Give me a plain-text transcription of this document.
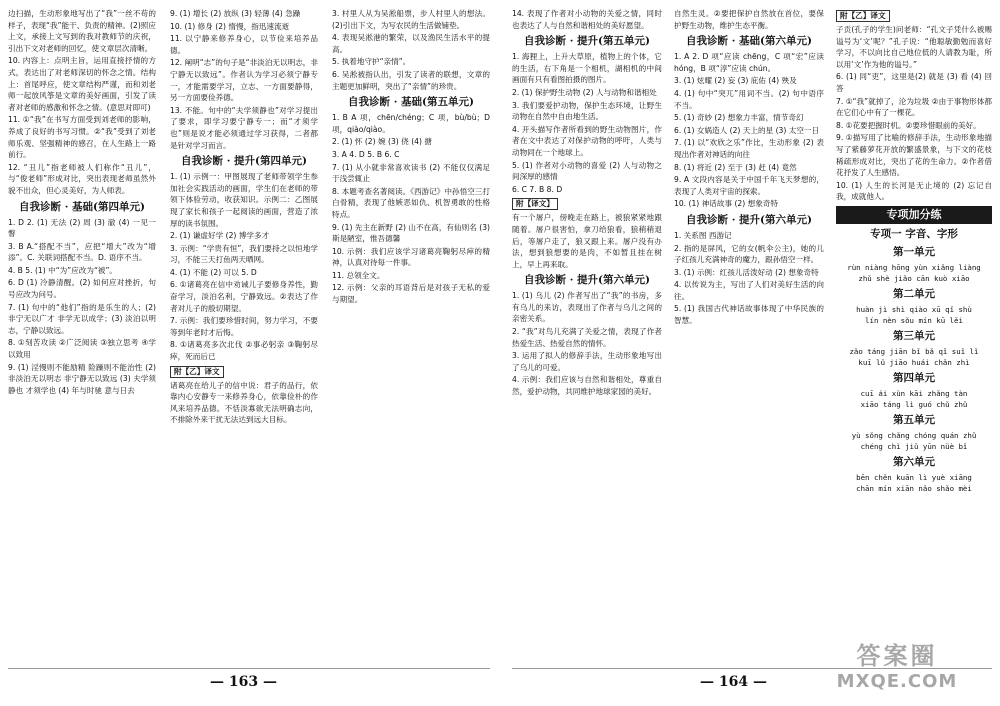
边扫描，生动形象地写出了“我”一丝不苟的样子，表现“我”能干、负责的精神。(2)照应上文，承接上文写到的我对教师节的庆祝，引出下文对老师的回忆，使文章层次清晰。

10. 内容上：点明主旨，运用直接抒情的方式，表达出了对老师深切的怀念之情。结构上：首尾呼应，使文章结构严谨，而和刘老师一起放风筝是文章的美好画面，引发了读者对老师的感激和怀念之情。(意思对即可)

11. ①“我”在书写方面受到刘老师的影响，养成了良好的书写习惯。②“我”受到了刘老师乐观、坚强精神的感召，在人生路上一路前行。

12. “丑儿”指老师被人们称作“丑儿”，与“俊老师”形成对比，突出表现老师虽然外貌不出众，但心灵美好，为人师表。

自我诊断 · 基础(第四单元)

1. D 2. (1) 无法 (2) 周 (3) 澈 (4) 一见一瞥

3. B A.“搭配不当”，应把“增大”改为“增添”。C. 关联词搭配不当。D. 语序不当。

4. B 5. (1) 中“为”应改为“被”。

6. D (1) 冷静清醒。(2) 如何应对挫折，句号应改为问号。

7. (1) 句中的“他们”指的是乐生的人；(2) 非宁无以广才 非学无以成学；(3) 淡泊以明志，宁静以致远。

8. ①刻苦攻读 ②广泛阅读 ③独立思考 ④学以致用

9. (1) 淫慢则不能励精 险躁则不能治性 (2) 非淡泊无以明志 非宁静无以致远 (3) 夫学须静也 才须学也 (4) 年与时驰 意与日去

9. (1) 增长 (2) 放纵 (3) 轻薄 (4) 急躁

10. (1) 修身 (2) 惰慢，指迅速流逝

11. 以宁静来修养身心，以节俭来培养品德。

12. 阐明“志”的句子是“非淡泊无以明志，非宁静无以致远”。作者认为学习必须宁静专一，才能需要学习，立志、一方面要静得，另一方面要俭养德。

13. 不能。句中的“夫学须静也”对学习提出了要求，即学习要宁静专一；而“才须学也”则是说才能必须通过学习获得，二者都是针对学习而言。

自我诊断 · 提升(第四单元)

1. (1) 示例一：甲图展现了老师带领学生参加社会实践活动的画面，学生们在老师的带领下体验劳动，收获知识。示例二：乙图展现了家长和孩子一起阅读的画面，营造了浓厚的读书氛围。

2. (1) 谦虚好学 (2) 博学多才

3. 示例：“学贵有恒”，我们要持之以恒地学习，不能三天打鱼两天晒网。

4. (1) 不能 (2) 可以 5. D

6. ①诸葛亮在信中劝诫儿子要修身养性，勤奋学习，淡泊名利，宁静致远。②表达了作者对儿子的殷切期望。

7. 示例：我们要珍惜时间，努力学习，不要等到年老时才后悔。

8. ①诸葛亮多次北伐 ②事必躬亲 ③鞠躬尽瘁，死而后已

附【乙】译文

诸葛亮在给儿子的信中说：君子的品行，依靠内心安静专一来修养身心，依靠俭朴的作风来培养品德。不恬淡寡欲无法明确志向，不排除外来干扰无法达到远大目标。

3. 村里人从为吴淞船票，步人村里人的想法。(2)引出下文，为写农民的生活做铺垫。

4. 表现吴淞港的繁荣，以及渔民生活水平的提高。

5. 执着地守护“亲情”。

6. 吴淞被指认出，引发了读者的联想，文章的主题更加鲜明，突出了“亲情”的珍贵。

自我诊断 · 基础(第五单元)

1. B A 项，chēn/chéng；C 项，bù/bù；D 项，qiào/qiào。

2. (1) 怀 (2) 婉 (3) 侥 (4) 搪

3. A 4. D 5. B 6. C

7. (1) 从小就非常喜欢读书 (2) 不能仅仅满足于浅尝辄止

8. 本题考查名著阅读。《西游记》中孙悟空三打白骨精，表现了他嫉恶如仇、机智勇敢的性格特点。

9. (1) 先主在新野 (2) 山不在高，有仙则名 (3) 斯是陋室，惟吾德馨

10. 示例：我们应该学习诸葛亮鞠躬尽瘁的精神，认真对待每一件事。

11. 总领全文。

12. 示例：父亲的耳语背后是对孩子无私的爱与期望。

14. 表现了作者对小动物的关爱之情，同时也表达了人与自然和谐相处的美好愿望。

自我诊断 · 提升(第五单元)

1. 海狸上，上升大草原，植物上的个体，它的生活，右下角是一个相机，湖相机的中间画面有只有看图拍摄的图片。

2. (1) 保护野生动物 (2) 人与动物和谐相处

3. 我们要爱护动物，保护生态环境，让野生动物在自然中自由地生活。

4. 开头描写作者所看到的野生动物图片，作者在文中表达了对保护动物的呼吁，人类与动物同在一个地球上。

5. (1) 作者对小动物的喜爱 (2) 人与动物之间深厚的感情

6. C 7. B 8. D

附【译文】

有一个屠户，傍晚走在路上，被狼紧紧地跟随着。屠户很害怕，拿刀给狼看，狼稍稍退后，等屠户走了，狼又跟上来。屠户没有办法，想到狼想要的是肉，不如暂且挂在树上，早上再来取。

自我诊断 · 提升(第六单元)

1. (1) 乌儿 (2) 作者写出了“我”的书房，多有乌儿的来访，表现出了作者与乌儿之间的亲密关系。

2. “我”对鸟儿充满了关爱之情，表现了作者热爱生活、热爱自然的情怀。

3. 运用了拟人的修辞手法，生动形象地写出了乌儿的可爱。

4. 示例：我们应该与自然和谐相处，尊重自然，爱护动物，共同维护地球家园的美好。

自然生灵。②要把保护自然放在首位，要保护野生动物，维护生态平衡。

自我诊断 · 基础(第六单元)

1. A 2. D 项“应读 chēng，C 项“宏”应读 hóng，B 项“淳”应读 chún。

3. (1) 炫耀 (2) 妄 (3) 庇佑 (4) 殃及

4. (1) 句中“突兀”用词不当。(2) 句中语序不当。

5. (1) 奇妙 (2) 想象力丰富，情节奇幻

6. (1) 女娲造人 (2) 天上的星 (3) 太空一日

7. (1) 以“欢欣之乐”作比，生动形象 (2) 表现出作者对神话的向往

8. (1) 将近 (2) 至于 (3) 赶 (4) 竟然

9. A 文段内容是关于中国千年飞天梦想的，表现了人类对宇宙的探索。

10. (1) 神话故事 (2) 想象奇特

自我诊断 · 提升(第六单元)

1. 关系图 西游记

2. 指的是屏风，它的女(帆伞公主)，她的儿子红孩儿充满神奇的魔力，跟孙悟空一样。

3. (1) 示例：红孩儿活泼好动 (2) 想象奇特

4. 以传说为主，写出了人们对美好生活的向往。

5. (1) 我国古代神话故事体现了中华民族的智慧。

附【乙】译文

子贡(孔子的学生)问老师：“孔文子凭什么被赐谥号为‘文’呢？”孔子说：“他聪敏勤勉而喜好学习，不以向比自己地位低的人请教为耻，所以用‘文’作为他的谥号。”

6. (1) 同“吏”，这里是(2) 就是 (3) 看 (4) 回答

7. ①“我”就掉了，沦为垃圾 ②由于事物形体都在它们心中有了一棵花。

8. ①花要把握时机。②要珍惜眼前的美好。

9. ①描写用了比喻的修辞手法，生动形象地描写了紫藤萝花开放的繁盛景象，与下文的花枝稀疏形成对比，突出了花的生命力。②作者借花抒发了人生感悟。

10. (1) 人生的长河是无止境的 (2) 忘记自我，成就他人。

专项加分练
专项一 字音、字形
第一单元
rùn niàng hōng yùn xiǎng liàng
zhǔ shè jiǎo cān kuò xiāo
第二单元
huàn jì shì qiào xū qǐ shù
lín nèn sǒu mín kū lěi
第三单元
zǎo táng jiān bǐ bǎ qǐ suǐ lǐ
kuī lǔ jiāo huái chǎn zhì
第四单元
cuī ái xùn kāi zhǎng tàn
xiāo táng lì guó chǔ zhǔ
第五单元
yù sǒng chǎng chóng quán zhǔ
chéng chì jiǔ yūn nüè bǐ
第六单元
bēn chěn kuān lì yuè xiāng
chān mín xiān nǎo shǎo mèi
— 163 —	— 164 —
答案圈
MXQE.COM
